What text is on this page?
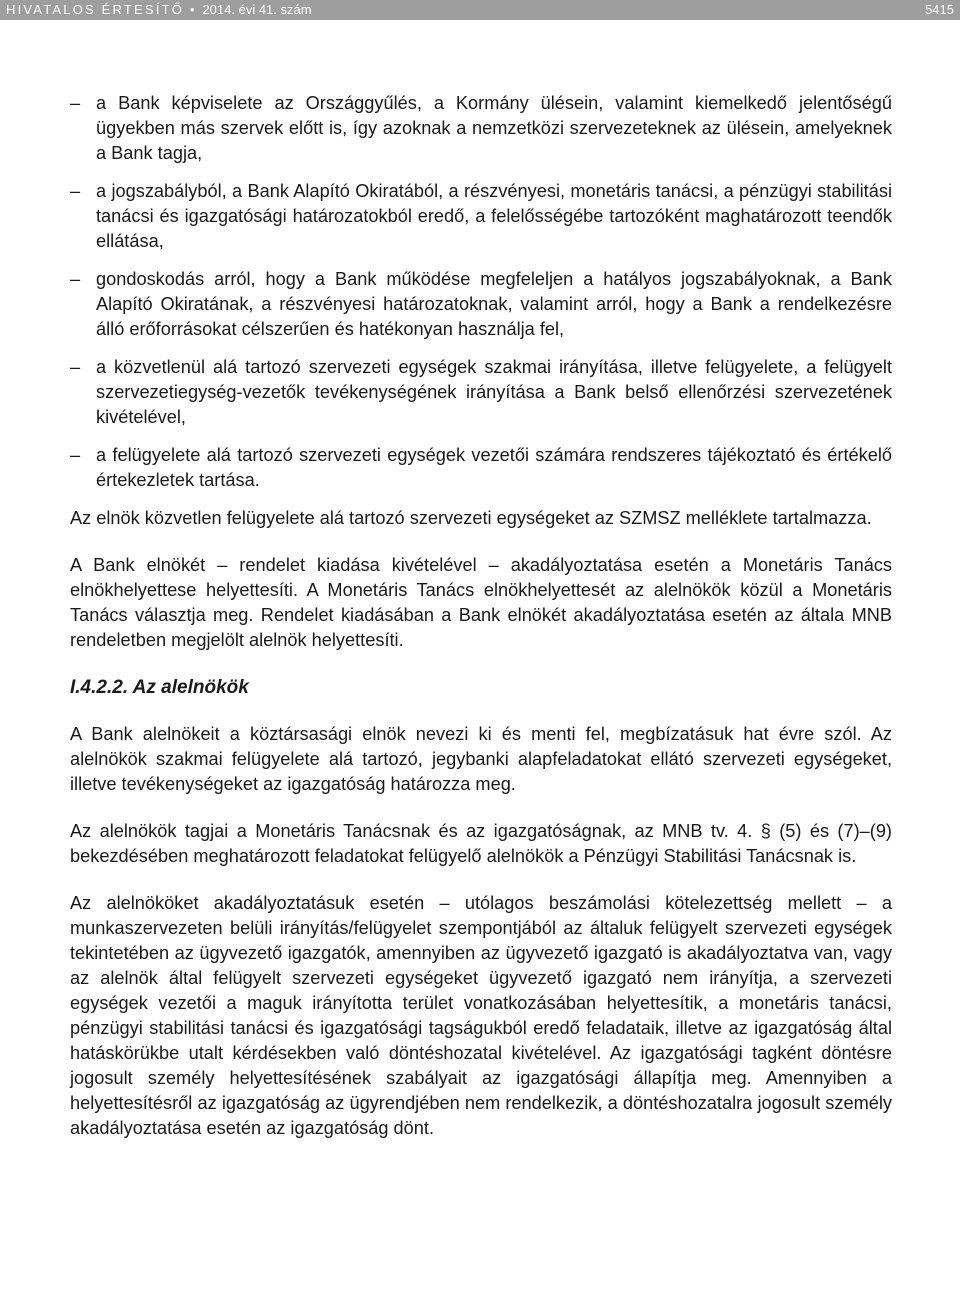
HIVATALOS ÉRTESÍTŐ • 2014. évi 41. szám	5415
– a Bank képviselete az Országgyűlés, a Kormány ülésein, valamint kiemelkedő jelentőségű ügyekben más szervek előtt is, így azoknak a nemzetközi szervezeteknek az ülésein, amelyeknek a Bank tagja,
– a jogszabályból, a Bank Alapító Okiratából, a részvényesi, monetáris tanácsi, a pénzügyi stabilitási tanácsi és igazgatósági határozatokból eredő, a felelősségébe tartozóként maghatározott teendők ellátása,
– gondoskodás arról, hogy a Bank működése megfeleljen a hatályos jogszabályoknak, a Bank Alapító Okiratának, a részvényesi határozatoknak, valamint arról, hogy a Bank a rendelkezésre álló erőforrásokat célszerűen és hatékonyan használja fel,
– a közvetlenül alá tartozó szervezeti egységek szakmai irányítása, illetve felügyelete, a felügyelt szervezetiegység-vezetők tevékenységének irányítása a Bank belső ellenőrzési szervezetének kivételével,
– a felügyelete alá tartozó szervezeti egységek vezetői számára rendszeres tájékoztató és értékelő értekezletek tartása.

Az elnök közvetlen felügyelete alá tartozó szervezeti egységeket az SZMSZ melléklete tartalmazza.

A Bank elnökét – rendelet kiadása kivételével – akadályoztatása esetén a Monetáris Tanács elnökhelyettese helyettesíti. A Monetáris Tanács elnökhelyettesét az alelnökök közül a Monetáris Tanács választja meg. Rendelet kiadásában a Bank elnökét akadályoztatása esetén az általa MNB rendeletben megjelölt alelnök helyettesíti.

I.4.2.2. Az alelnökök

A Bank alelnökeit a köztársasági elnök nevezi ki és menti fel, megbízatásuk hat évre szól. Az alelnökök szakmai felügyelete alá tartozó, jegybanki alapfeladatokat ellátó szervezeti egységeket, illetve tevékenységeket az igazgatóság határozza meg.

Az alelnökök tagjai a Monetáris Tanácsnak és az igazgatóságnak, az MNB tv. 4. § (5) és (7)–(9) bekezdésében meghatározott feladatokat felügyelő alelnökök a Pénzügyi Stabilitási Tanácsnak is.

Az alelnököket akadályoztatásuk esetén – utólagos beszámolási kötelezettség mellett – a munkaszervezeten belüli irányítás/felügyelet szempontjából az általuk felügyelt szervezeti egységek tekintetében az ügyvezető igazgatók, amennyiben az ügyvezető igazgató is akadályoztatva van, vagy az alelnök által felügyelt szervezeti egységeket ügyvezető igazgató nem irányítja, a szervezeti egységek vezetői a maguk irányította terület vonatkozásában helyettesítik, a monetáris tanácsi, pénzügyi stabilitási tanácsi és igazgatósági tagságukból eredő feladataik, illetve az igazgatóság által hatáskörükbe utalt kérdésekben való döntéshozatal kivételével. Az igazgatósági tagként döntésre jogosult személy helyettesítésének szabályait az igazgatósági állapítja meg. Amennyiben a helyettesítésről az igazgatóság az ügyrendjében nem rendelkezik, a döntéshozatalra jogosult személy akadályoztatása esetén az igazgatóság dönt.
